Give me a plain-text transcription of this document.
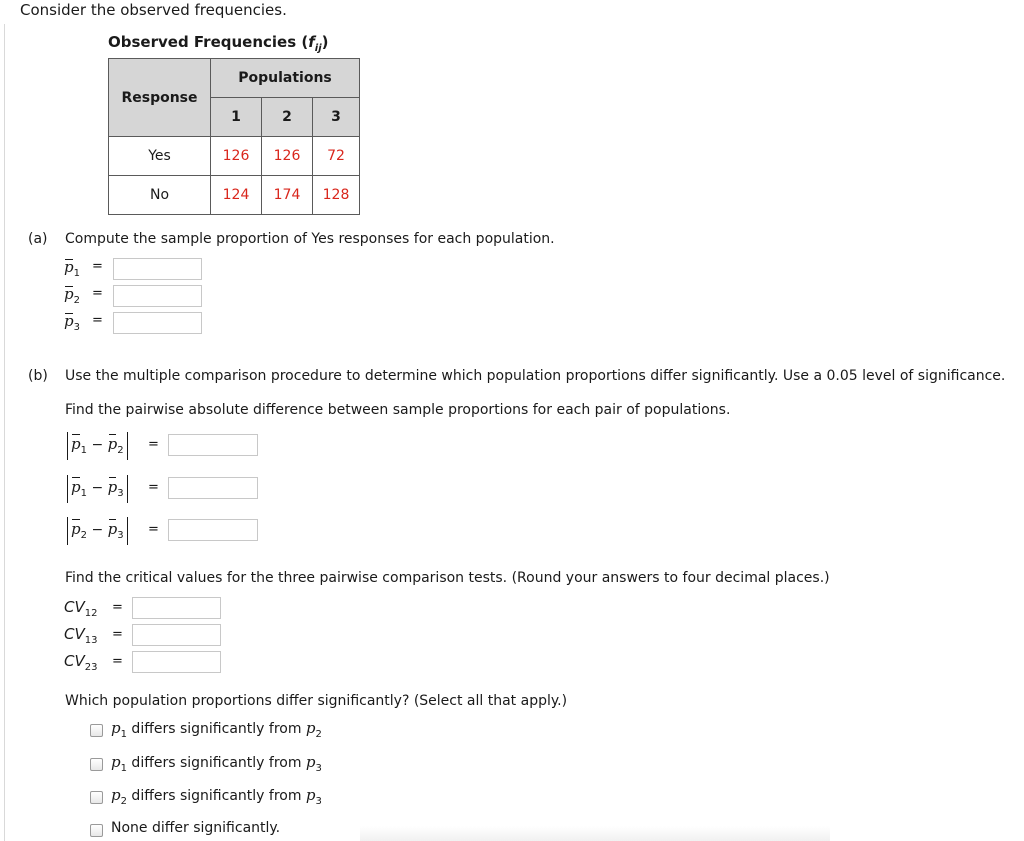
Consider the observed frequencies.
Observed Frequencies $(f_{ij})$
Response	Populations		
	1	2	3
Yes	126	126	72
No	124	174	128
(a) Compute the sample proportion of Yes responses for each population.
$p_1$ =
$p_2$ =
$p_3$ =
(b) Use the multiple comparison procedure to determine which population proportions differ significantly. Use a 0.05 level of significance.
Find the pairwise absolute difference between sample proportions for each pair of populations.
$p_1 - p_2$	=
$p_1 - p_3$	=
$p_2 - p_3$	=
Find the critical values for the three pairwise comparison tests. (Round your answers to four decimal places.)
$CV_{12}$ =
$CV_{13}$ =
$CV_{23}$ =
Which population proportions differ significantly? (Select all that apply.)
$p_1$ differs significantly from $p_2$
$p_1$ differs significantly from $p_3$
$p_2$ differs significantly from $p_3$
None differ significantly.
